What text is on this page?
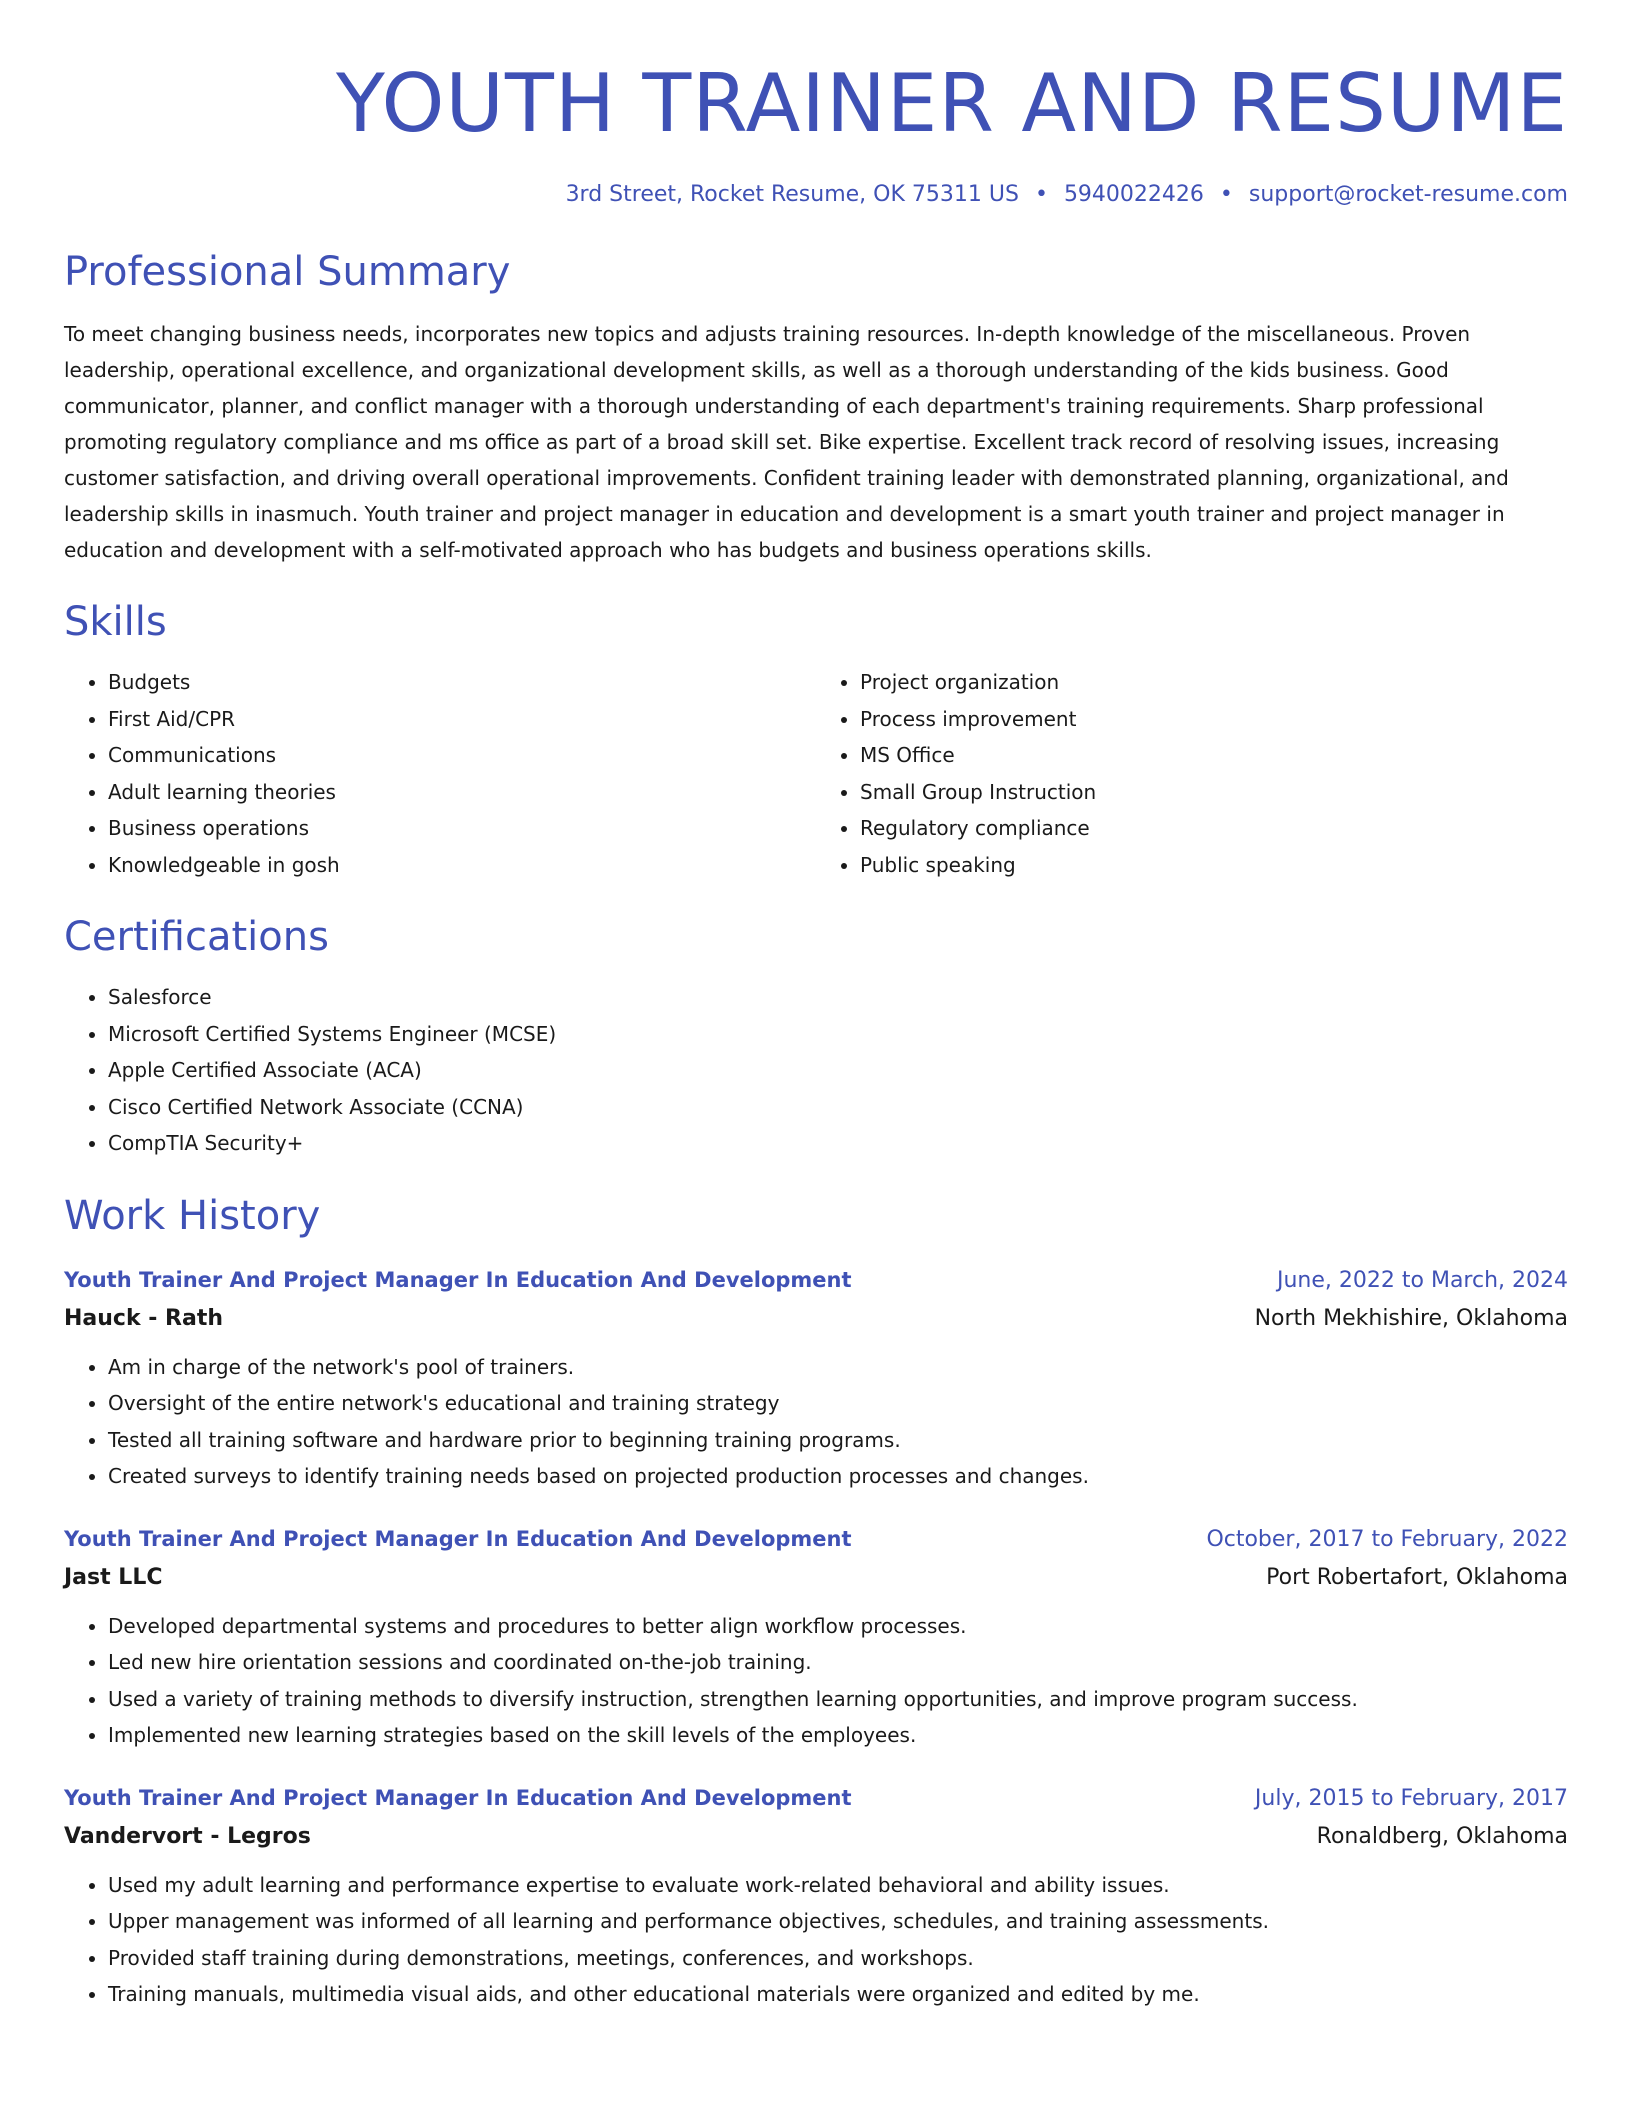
YOUTH TRAINER AND RESUME
3rd Street, Rocket Resume, OK 75311 US • 5940022426 • support@rocket-resume.com
Professional Summary
To meet changing business needs, incorporates new topics and adjusts training resources. In-depth knowledge of the miscellaneous. Proven leadership, operational excellence, and organizational development skills, as well as a thorough understanding of the kids business. Good communicator, planner, and conflict manager with a thorough understanding of each department's training requirements. Sharp professional promoting regulatory compliance and ms office as part of a broad skill set. Bike expertise. Excellent track record of resolving issues, increasing customer satisfaction, and driving overall operational improvements. Confident training leader with demonstrated planning, organizational, and leadership skills in inasmuch. Youth trainer and project manager in education and development is a smart youth trainer and project manager in education and development with a self-motivated approach who has budgets and business operations skills.
Skills
• Budgets
• First Aid/CPR
• Communications
• Adult learning theories
• Business operations
• Knowledgeable in gosh
• Project organization
• Process improvement
• MS Office
• Small Group Instruction
• Regulatory compliance
• Public speaking
Certifications
• Salesforce
• Microsoft Certified Systems Engineer (MCSE)
• Apple Certified Associate (ACA)
• Cisco Certified Network Associate (CCNA)
• CompTIA Security+
Work History
Youth Trainer And Project Manager In Education And Development	June, 2022 to March, 2024
Hauck - Rath	North Mekhishire, Oklahoma
• Am in charge of the network's pool of trainers.
• Oversight of the entire network's educational and training strategy
• Tested all training software and hardware prior to beginning training programs.
• Created surveys to identify training needs based on projected production processes and changes.
Youth Trainer And Project Manager In Education And Development	October, 2017 to February, 2022
Jast LLC	Port Robertafort, Oklahoma
• Developed departmental systems and procedures to better align workflow processes.
• Led new hire orientation sessions and coordinated on-the-job training.
• Used a variety of training methods to diversify instruction, strengthen learning opportunities, and improve program success.
• Implemented new learning strategies based on the skill levels of the employees.
Youth Trainer And Project Manager In Education And Development	July, 2015 to February, 2017
Vandervort - Legros	Ronaldberg, Oklahoma
• Used my adult learning and performance expertise to evaluate work-related behavioral and ability issues.
• Upper management was informed of all learning and performance objectives, schedules, and training assessments.
• Provided staff training during demonstrations, meetings, conferences, and workshops.
• Training manuals, multimedia visual aids, and other educational materials were organized and edited by me.
